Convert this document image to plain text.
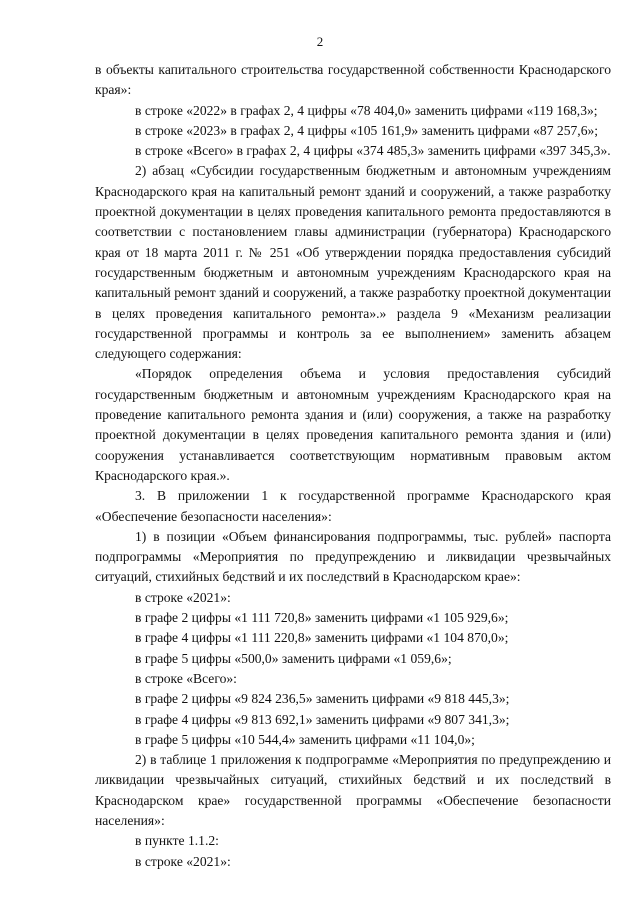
2

в объекты капитального строительства государственной собственности Краснодарского края»:

в строке «2022» в графах 2, 4 цифры «78 404,0» заменить цифрами «119 168,3»;

в строке «2023» в графах 2, 4 цифры «105 161,9» заменить цифрами «87 257,6»;

в строке «Всего» в графах 2, 4 цифры «374 485,3» заменить цифрами «397 345,3».

2) абзац «Субсидии государственным бюджетным и автономным учреждениям Краснодарского края на капитальный ремонт зданий и сооружений, а также разработку проектной документации в целях проведения капитального ремонта предоставляются в соответствии с постановлением главы администрации (губернатора) Краснодарского края от 18 марта 2011 г. № 251 «Об утверждении порядка предоставления субсидий государственным бюджетным и автономным учреждениям Краснодарского края на капитальный ремонт зданий и сооружений, а также разработку проектной документации в целях проведения капитального ремонта».» раздела 9 «Механизм реализации государственной программы и контроль за ее выполнением» заменить абзацем следующего содержания:

«Порядок определения объема и условия предоставления субсидий государственным бюджетным и автономным учреждениям Краснодарского края на проведение капитального ремонта здания и (или) сооружения, а также на разработку проектной документации в целях проведения капитального ремонта здания и (или) сооружения устанавливается соответствующим нормативным правовым актом Краснодарского края.».

3. В приложении 1 к государственной программе Краснодарского края «Обеспечение безопасности населения»:

1) в позиции «Объем финансирования подпрограммы, тыс. рублей» паспорта подпрограммы «Мероприятия по предупреждению и ликвидации чрезвычайных ситуаций, стихийных бедствий и их последствий в Краснодарском крае»:

в строке «2021»:

в графе 2 цифры «1 111 720,8» заменить цифрами «1 105 929,6»;

в графе 4 цифры «1 111 220,8» заменить цифрами «1 104 870,0»;

в графе 5 цифры «500,0» заменить цифрами «1 059,6»;

в строке «Всего»:

в графе 2 цифры «9 824 236,5» заменить цифрами «9 818 445,3»;

в графе 4 цифры «9 813 692,1» заменить цифрами «9 807 341,3»;

в графе 5 цифры «10 544,4» заменить цифрами «11 104,0»;

2) в таблице 1 приложения к подпрограмме «Мероприятия по предупреждению и ликвидации чрезвычайных ситуаций, стихийных бедствий и их последствий в Краснодарском крае» государственной программы «Обеспечение безопасности населения»:

в пункте 1.1.2:

в строке «2021»:
